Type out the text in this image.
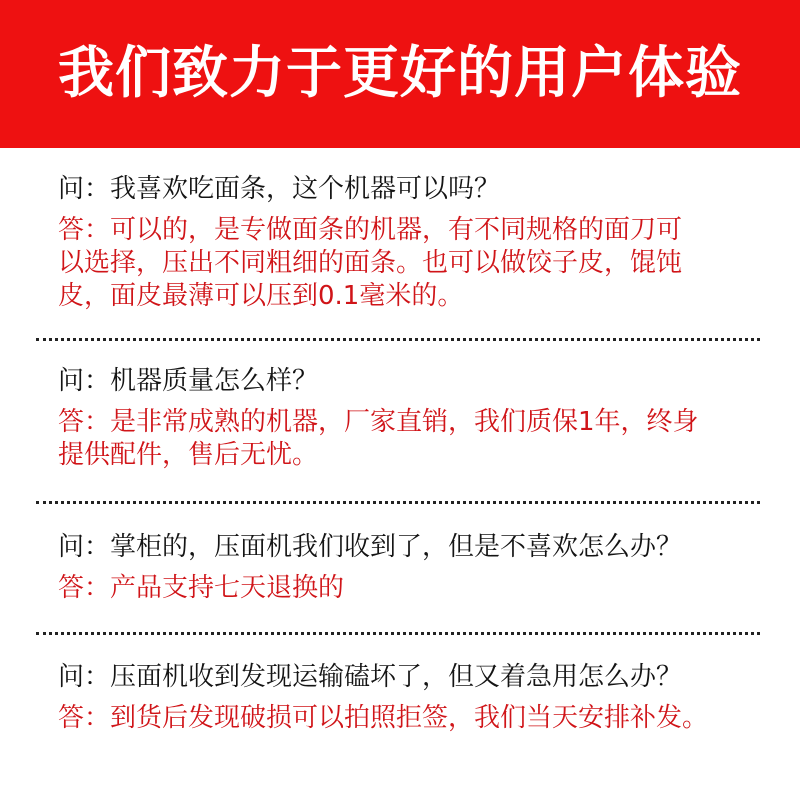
我们致力于更好的用户体验

问：我喜欢吃面条，这个机器可以吗？

答：可以的，是专做面条的机器，有不同规格的面刀可
以选择，压出不同粗细的面条。也可以做饺子皮，馄饨
皮，面皮最薄可以压到0.1毫米的。

问：机器质量怎么样？

答：是非常成熟的机器，厂家直销，我们质保1年，终身
提供配件，售后无忧。

问：掌柜的，压面机我们收到了，但是不喜欢怎么办？

答：产品支持七天退换的

问：压面机收到发现运输磕坏了，但又着急用怎么办？

答：到货后发现破损可以拍照拒签，我们当天安排补发。
